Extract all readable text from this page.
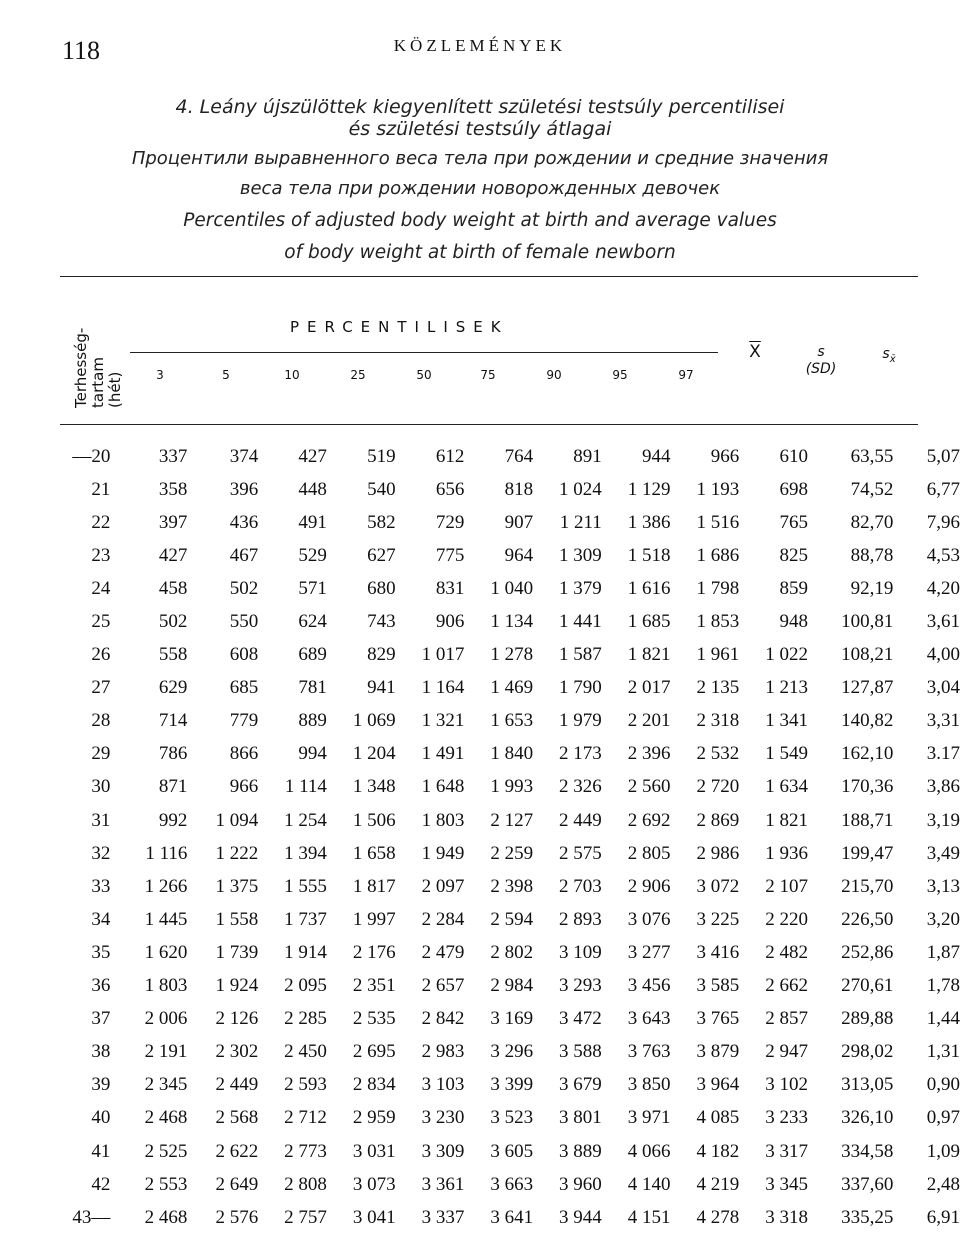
118	KÖZLEMÉNYEK
4. Leány újszülöttek kiegyenlített születési testsúly percentilisei
és születési testsúly átlagai
Процентили выравненного веса тела при рождении и средние значения
веса тела при рождении новорожденных девочек
Percentiles of adjusted body weight at birth and average values
of body weight at birth of female newborn
Terhesség- tartam (hét)
PERCENTILISEK
3	5	10	25	50	75	90	95	97
$\overline{X}$	s
(SD)
$s_{x̄}$
—20	337	374	427	519	612	764	891	944	966	610	63,55	5,07
21	358	396	448	540	656	818	1 024	1 129	1 193	698	74,52	6,77
22	397	436	491	582	729	907	1 211	1 386	1 516	765	82,70	7,96
23	427	467	529	627	775	964	1 309	1 518	1 686	825	88,78	4,53
24	458	502	571	680	831	1 040	1 379	1 616	1 798	859	92,19	4,20
25	502	550	624	743	906	1 134	1 441	1 685	1 853	948	100,81	3,61
26	558	608	689	829	1 017	1 278	1 587	1 821	1 961	1 022	108,21	4,00
27	629	685	781	941	1 164	1 469	1 790	2 017	2 135	1 213	127,87	3,04
28	714	779	889	1 069	1 321	1 653	1 979	2 201	2 318	1 341	140,82	3,31
29	786	866	994	1 204	1 491	1 840	2 173	2 396	2 532	1 549	162,10	3.17
30	871	966	1 114	1 348	1 648	1 993	2 326	2 560	2 720	1 634	170,36	3,86
31	992	1 094	1 254	1 506	1 803	2 127	2 449	2 692	2 869	1 821	188,71	3,19
32	1 116	1 222	1 394	1 658	1 949	2 259	2 575	2 805	2 986	1 936	199,47	3,49
33	1 266	1 375	1 555	1 817	2 097	2 398	2 703	2 906	3 072	2 107	215,70	3,13
34	1 445	1 558	1 737	1 997	2 284	2 594	2 893	3 076	3 225	2 220	226,50	3,20
35	1 620	1 739	1 914	2 176	2 479	2 802	3 109	3 277	3 416	2 482	252,86	1,87
36	1 803	1 924	2 095	2 351	2 657	2 984	3 293	3 456	3 585	2 662	270,61	1,78
37	2 006	2 126	2 285	2 535	2 842	3 169	3 472	3 643	3 765	2 857	289,88	1,44
38	2 191	2 302	2 450	2 695	2 983	3 296	3 588	3 763	3 879	2 947	298,02	1,31
39	2 345	2 449	2 593	2 834	3 103	3 399	3 679	3 850	3 964	3 102	313,05	0,90
40	2 468	2 568	2 712	2 959	3 230	3 523	3 801	3 971	4 085	3 233	326,10	0,97
41	2 525	2 622	2 773	3 031	3 309	3 605	3 889	4 066	4 182	3 317	334,58	1,09
42	2 553	2 649	2 808	3 073	3 361	3 663	3 960	4 140	4 219	3 345	337,60	2,48
43—	2 468	2 576	2 757	3 041	3 337	3 641	3 944	4 151	4 278	3 318	335,25	6,91
